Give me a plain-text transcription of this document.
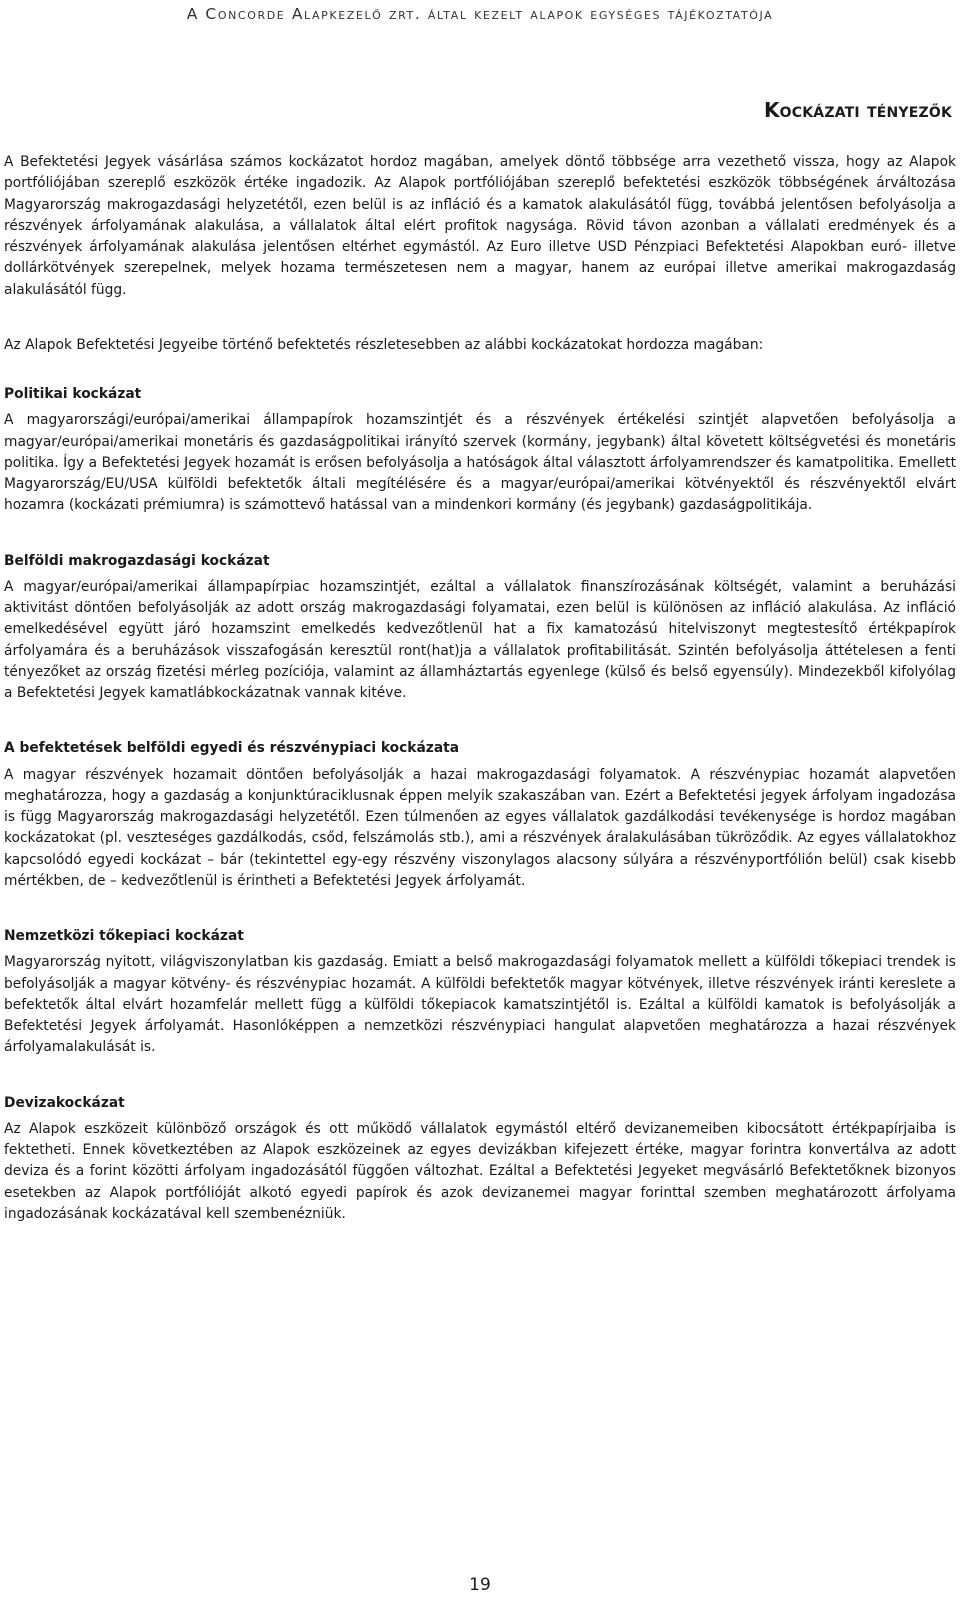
A Concorde Alapkezelő zrt. által kezelt alapok egységes tájékoztatója
Kockázati tényezők

A Befektetési Jegyek vásárlása számos kockázatot hordoz magában, amelyek döntő többsége arra vezethető vissza, hogy az Alapok portfóliójában szereplő eszközök értéke ingadozik. Az Alapok portfóliójában szereplő befektetési eszközök többségének árváltozása Magyarország makrogazdasági helyzetétől, ezen belül is az infláció és a kamatok alakulásától függ, továbbá jelentősen befolyásolja a részvények árfolyamának alakulása, a vállalatok által elért profitok nagysága. Rövid távon azonban a vállalati eredmények és a részvények árfolyamának alakulása jelentősen eltérhet egymástól. Az Euro illetve USD Pénzpiaci Befektetési Alapokban euró- illetve dollárkötvények szerepelnek, melyek hozama természetesen nem a magyar, hanem az európai illetve amerikai makrogazdaság alakulásától függ.

Az Alapok Befektetési Jegyeibe történő befektetés részletesebben az alábbi kockázatokat hordozza magában:

Politikai kockázat

A magyarországi/európai/amerikai állampapírok hozamszintjét és a részvények értékelési szintjét alapvetően befolyásolja a magyar/európai/amerikai monetáris és gazdaságpolitikai irányító szervek (kormány, jegybank) által követett költségvetési és monetáris politika. Így a Befektetési Jegyek hozamát is erősen befolyásolja a hatóságok által választott árfolyamrendszer és kamatpolitika. Emellett Magyarország/EU/USA külföldi befektetők általi megítélésére és a magyar/európai/amerikai kötvényektől és részvényektől elvárt hozamra (kockázati prémiumra) is számottevő hatással van a mindenkori kormány (és jegybank) gazdaságpolitikája.

Belföldi makrogazdasági kockázat

A magyar/európai/amerikai állampapírpiac hozamszintjét, ezáltal a vállalatok finanszírozásának költségét, valamint a beruházási aktivitást döntően befolyásolják az adott ország makrogazdasági folyamatai, ezen belül is különösen az infláció alakulása. Az infláció emelkedésével együtt járó hozamszint emelkedés kedvezőtlenül hat a fix kamatozású hitelviszonyt megtestesítő értékpapírok árfolyamára és a beruházások visszafogásán keresztül ront(hat)ja a vállalatok profitabilitását. Szintén befolyásolja áttételesen a fenti tényezőket az ország fizetési mérleg pozíciója, valamint az államháztartás egyenlege (külső és belső egyensúly). Mindezekből kifolyólag a Befektetési Jegyek kamatlábkockázatnak vannak kitéve.

A befektetések belföldi egyedi és részvénypiaci kockázata

A magyar részvények hozamait döntően befolyásolják a hazai makrogazdasági folyamatok. A részvénypiac hozamát alapvetően meghatározza, hogy a gazdaság a konjunktúraciklusnak éppen melyik szakaszában van. Ezért a Befektetési jegyek árfolyam ingadozása is függ Magyarország makrogazdasági helyzetétől. Ezen túlmenően az egyes vállalatok gazdálkodási tevékenysége is hordoz magában kockázatokat (pl. veszteséges gazdálkodás, csőd, felszámolás stb.), ami a részvények áralakulásában tükröződik. Az egyes vállalatokhoz kapcsolódó egyedi kockázat – bár (tekintettel egy-egy részvény viszonylagos alacsony súlyára a részvényportfólión belül) csak kisebb mértékben, de – kedvezőtlenül is érintheti a Befektetési Jegyek árfolyamát.

Nemzetközi tőkepiaci kockázat

Magyarország nyitott, világviszonylatban kis gazdaság. Emiatt a belső makrogazdasági folyamatok mellett a külföldi tőkepiaci trendek is befolyásolják a magyar kötvény- és részvénypiac hozamát. A külföldi befektetők magyar kötvények, illetve részvények iránti kereslete a befektetők által elvárt hozamfelár mellett függ a külföldi tőkepiacok kamatszintjétől is. Ezáltal a külföldi kamatok is befolyásolják a Befektetési Jegyek árfolyamát. Hasonlóképpen a nemzetközi részvénypiaci hangulat alapvetően meghatározza a hazai részvények árfolyamalakulását is.

Devizakockázat

Az Alapok eszközeit különböző országok és ott működő vállalatok egymástól eltérő devizanemeiben kibocsátott értékpapírjaiba is fektetheti. Ennek következtében az Alapok eszközeinek az egyes devizákban kifejezett értéke, magyar forintra konvertálva az adott deviza és a forint közötti árfolyam ingadozásától függően változhat. Ezáltal a Befektetési Jegyeket megvásárló Befektetőknek bizonyos esetekben az Alapok portfólióját alkotó egyedi papírok és azok devizanemei magyar forinttal szemben meghatározott árfolyama ingadozásának kockázatával kell szembenézniük.

19
